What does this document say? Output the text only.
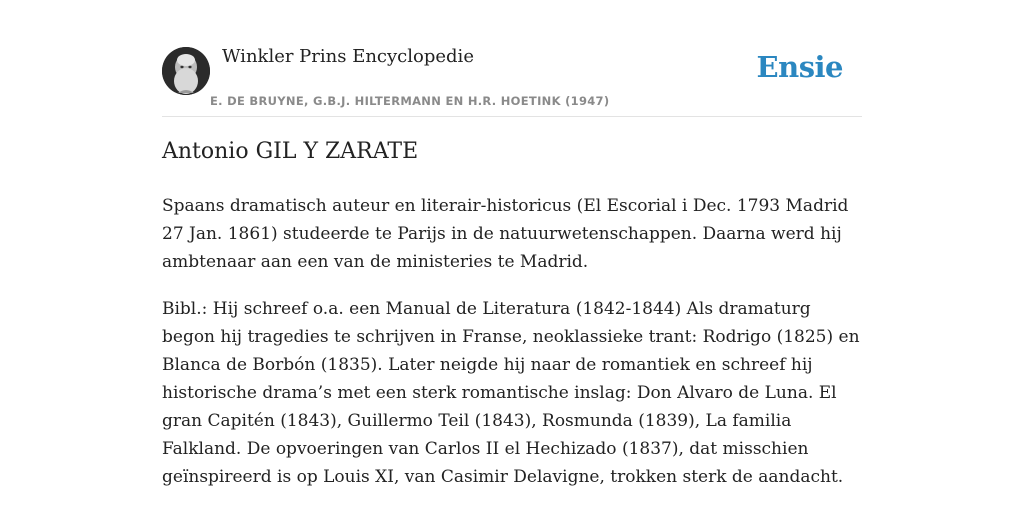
Winkler Prins Encyclopedie
E. DE BRUYNE, G.B.J. HILTERMANN EN H.R. HOETINK (1947)
Ensie
Antonio GIL Y ZARATE

Spaans dramatisch auteur en literair-historicus (El Escorial i Dec. 1793 Madrid 27 Jan. 1861) studeerde te Parijs in de natuurwetenschappen. Daarna werd hij ambtenaar aan een van de ministeries te Madrid.

Bibl.: Hij schreef o.a. een Manual de Literatura (1842-1844) Als dramaturg begon hij tragedies te schrijven in Franse, neoklassieke trant: Rodrigo (1825) en Blanca de Borbón (1835). Later neigde hij naar de romantiek en schreef hij historische drama’s met een sterk romantische inslag: Don Alvaro de Luna. El gran Capitén (1843), Guillermo Teil (1843), Rosmunda (1839), La familia Falkland. De opvoeringen van Carlos II el Hechizado (1837), dat misschien geïnspireerd is op Louis XI, van Casimir Delavigne, trokken sterk de aandacht.
